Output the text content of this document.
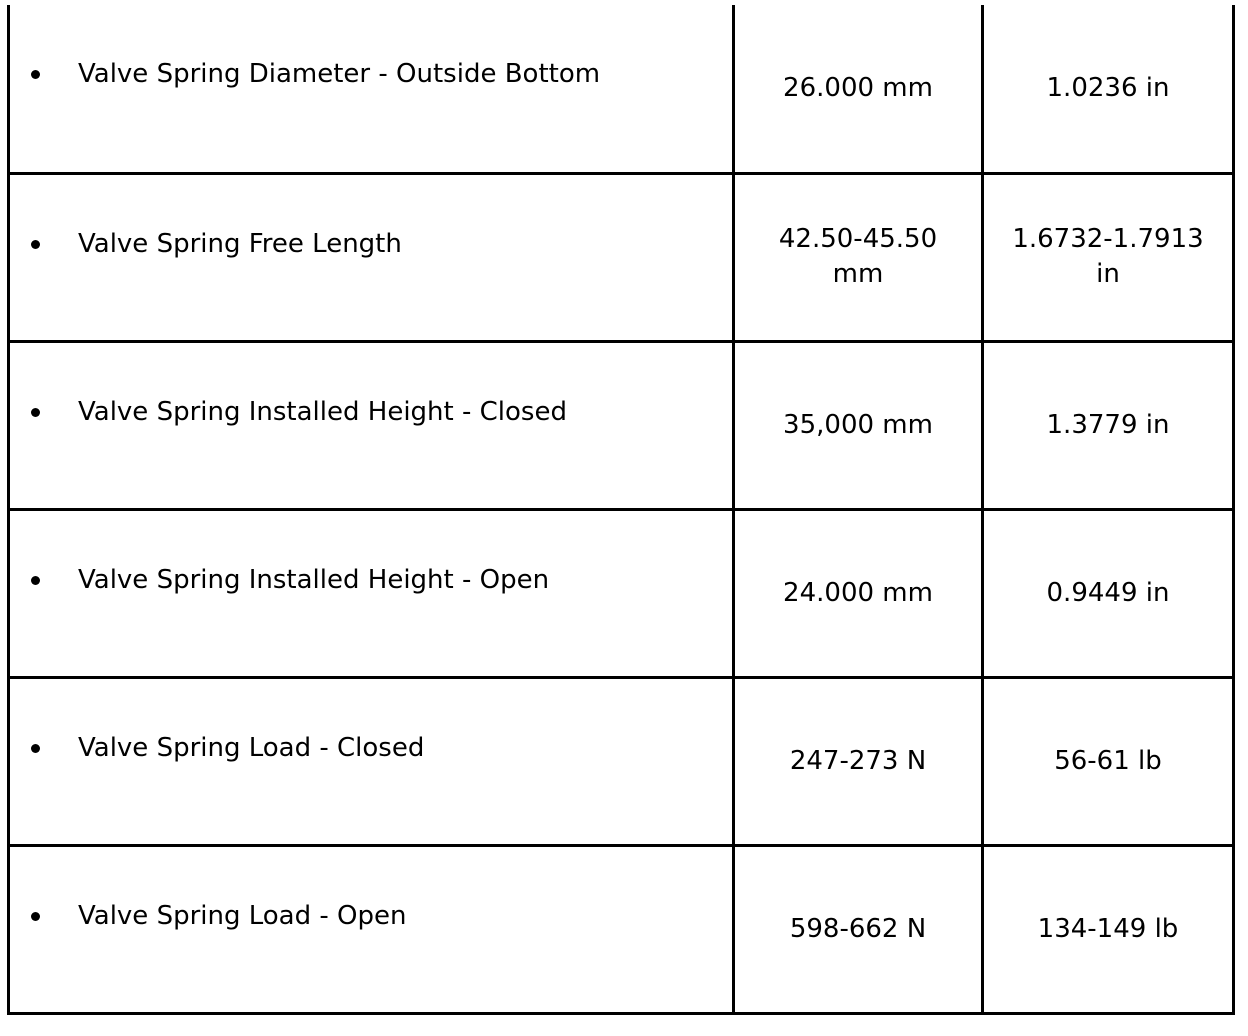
Valve Spring Diameter - Outside Bottom	26.000 mm	1.0236 in

Valve Spring Free Length	42.50-45.50 mm	1.6732-1.7913 in

Valve Spring Installed Height - Closed	35,000 mm	1.3779 in

Valve Spring Installed Height - Open	24.000 mm	0.9449 in

Valve Spring Load - Closed	247-273 N	56-61 lb

Valve Spring Load - Open	598-662 N	134-149 lb
